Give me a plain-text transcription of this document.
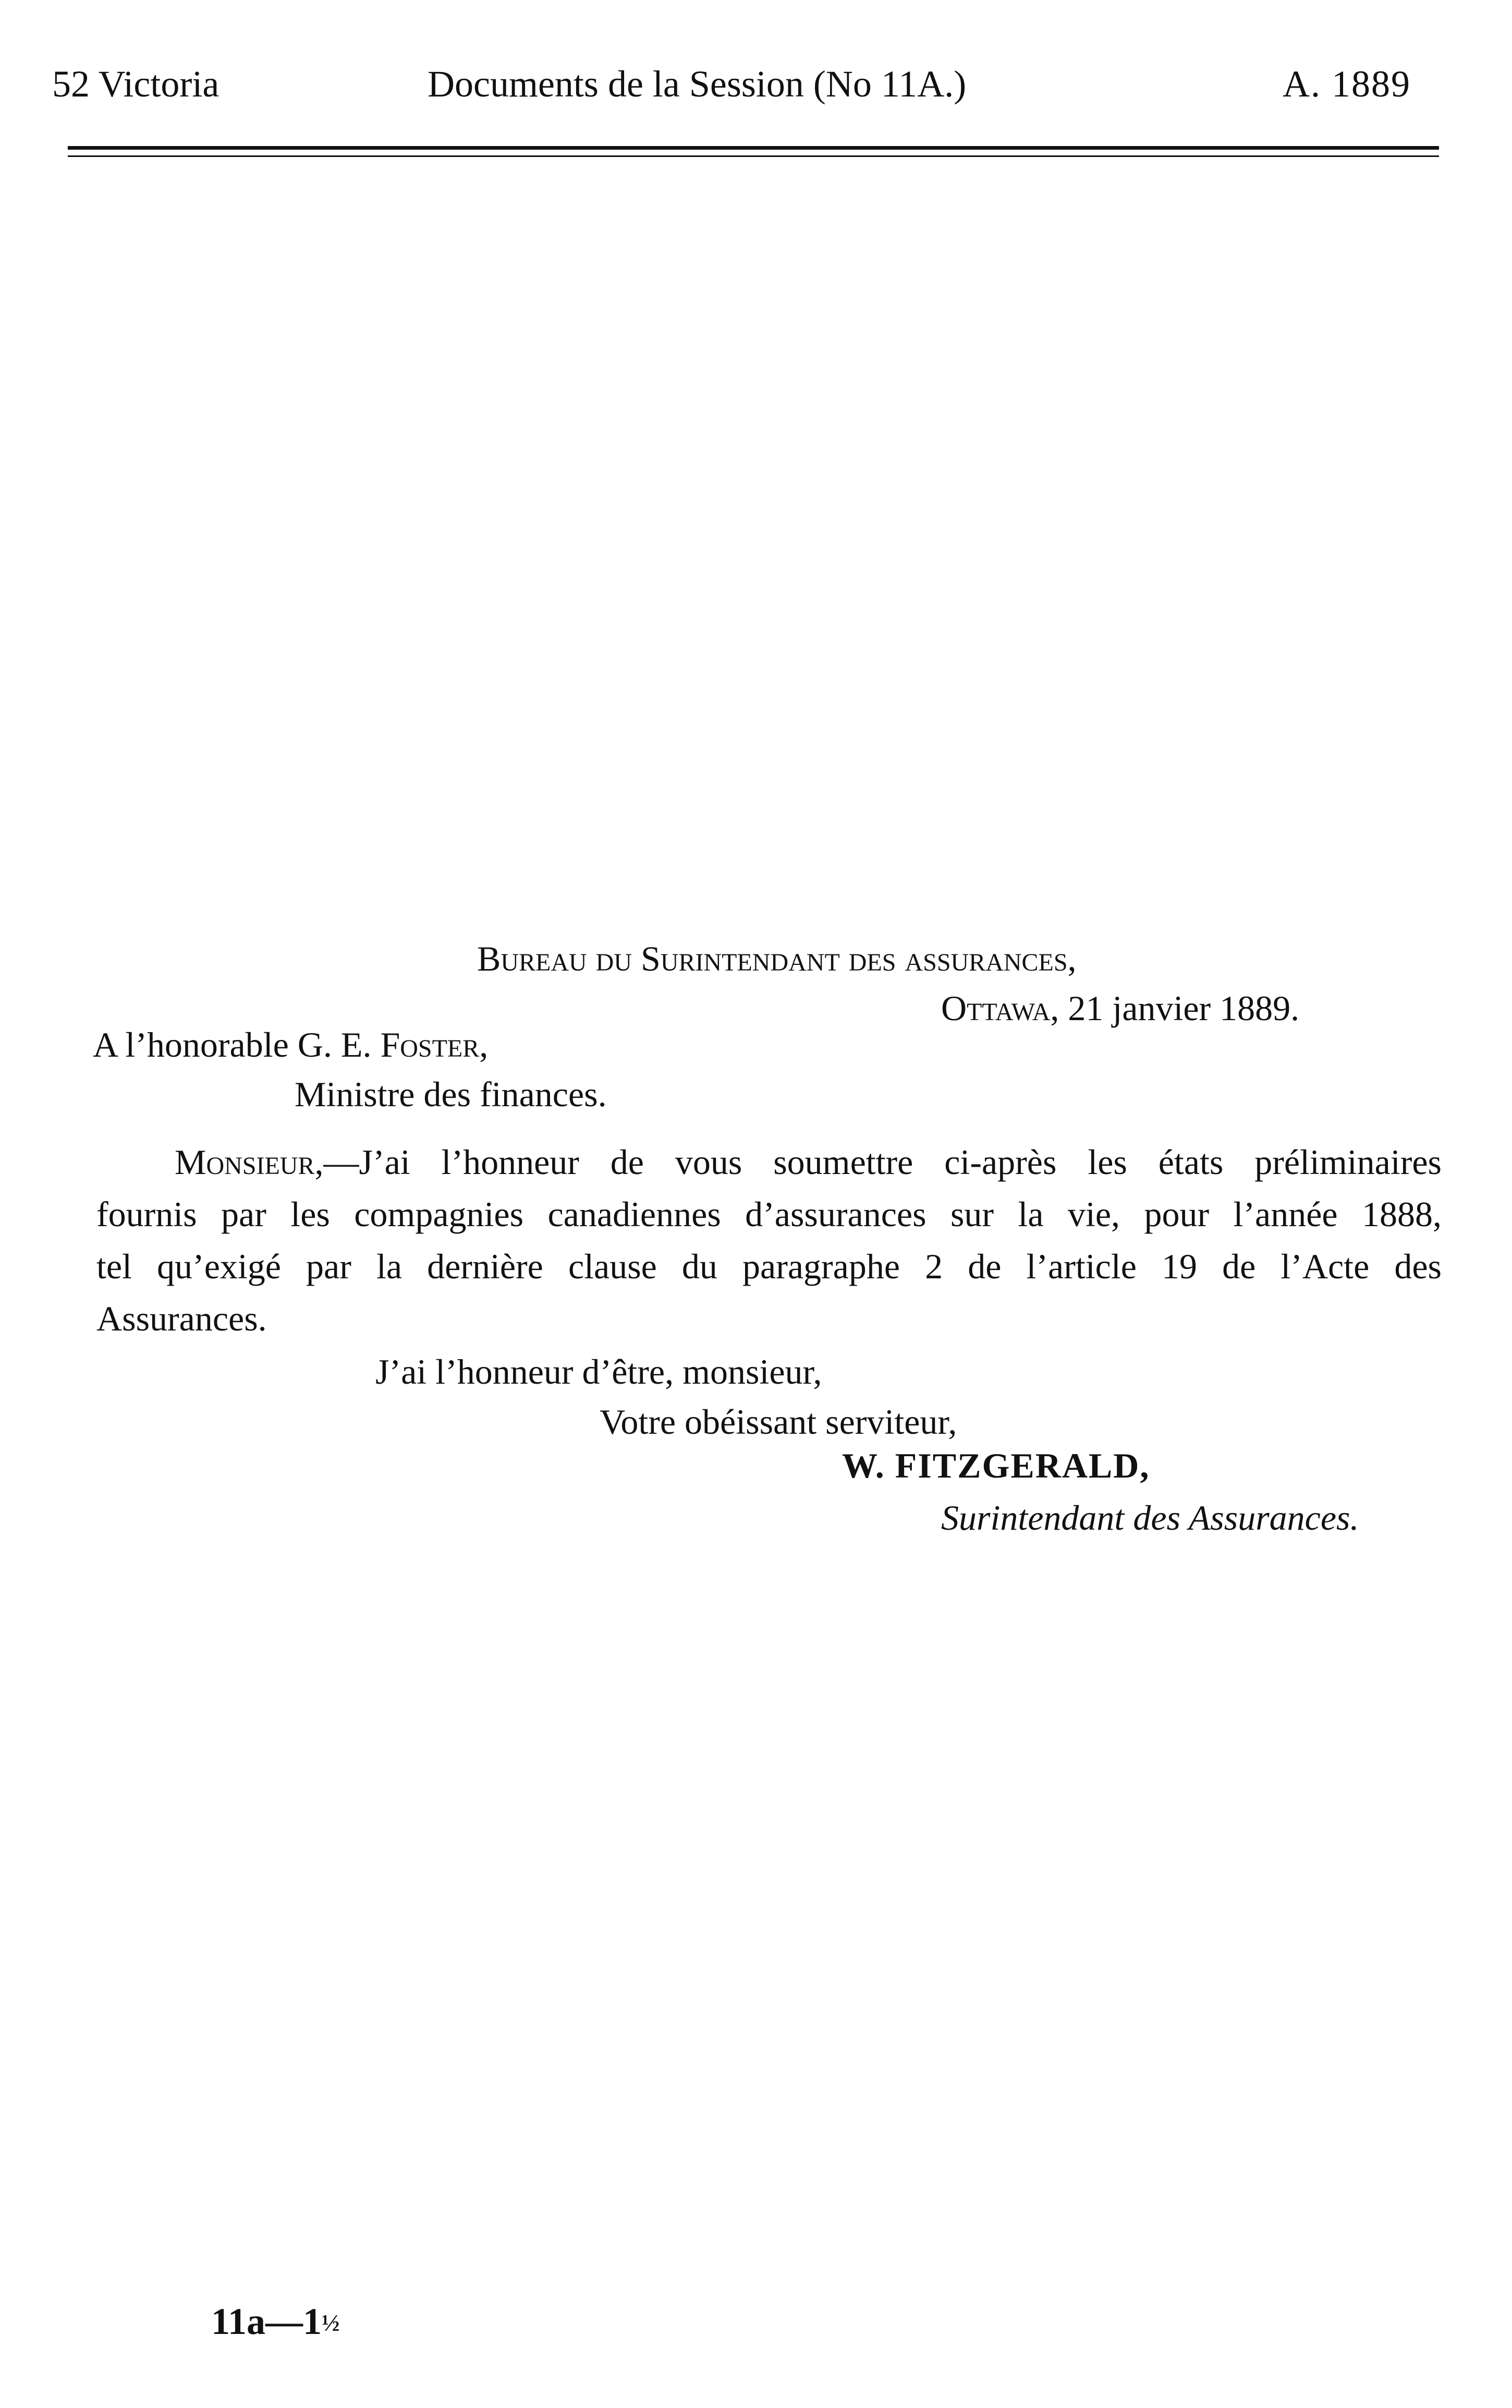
52 Victoria	Documents de la Session (No 11A.)	A. 1889
Bureau du Surintendant des assurances,
Ottawa, 21 janvier 1889.
A l’honorable G. E. Foster,
Ministre des finances.
Monsieur,—J’ai l’honneur de vous soumettre ci-après les états préliminaires
fournis par les compagnies canadiennes d’assurances sur la vie, pour l’année 1888,
tel qu’exigé par la dernière clause du paragraphe 2 de l’article 19 de l’Acte des
Assurances.
J’ai l’honneur d’être, monsieur,
Votre obéissant serviteur,
W. FITZGERALD,
Surintendant des Assurances.
11a—1½
